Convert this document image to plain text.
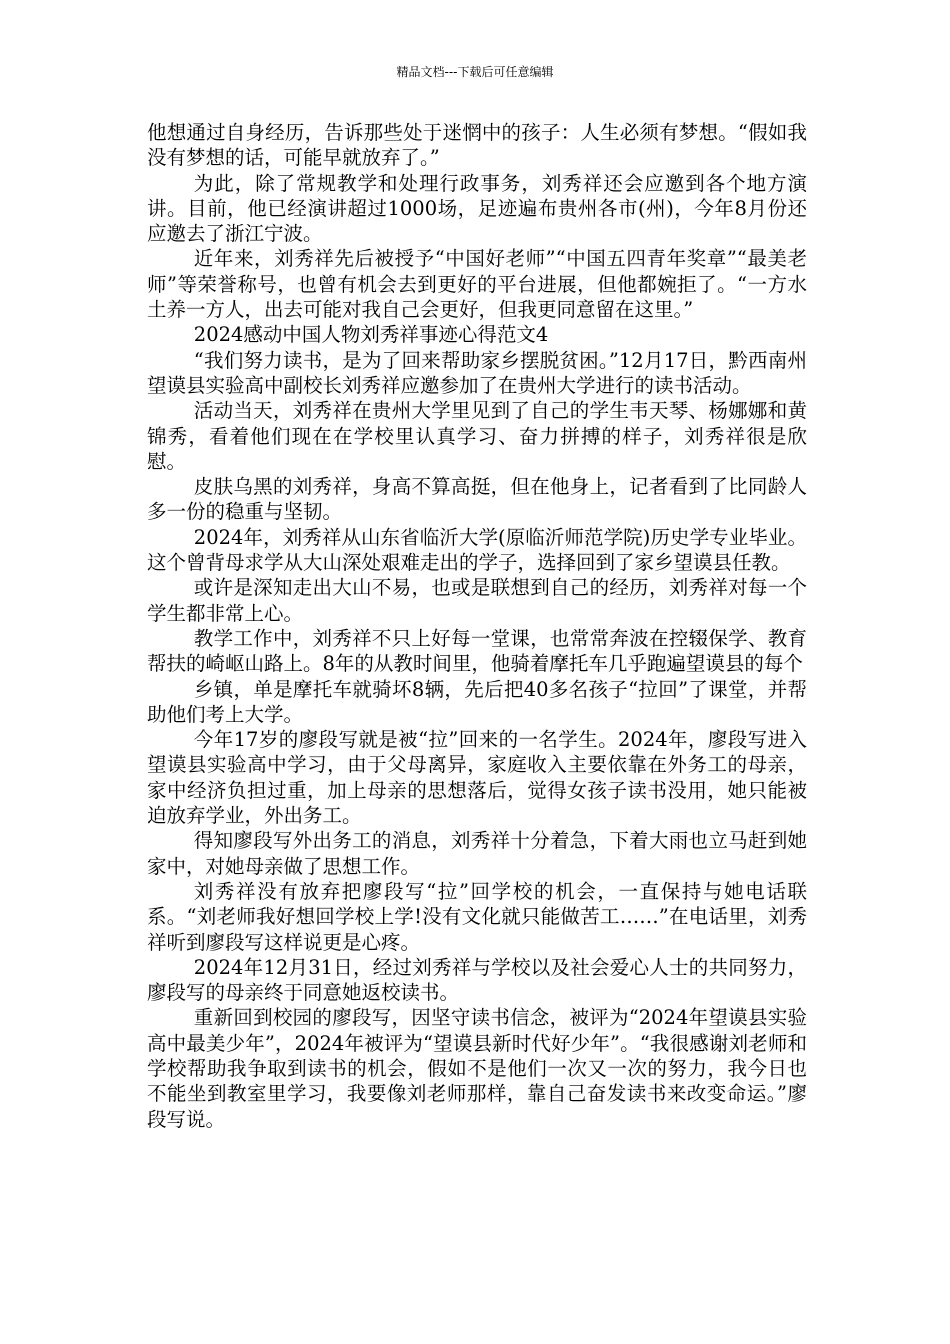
精品文档---下载后可任意编辑

他想通过自身经历，告诉那些处于迷惘中的孩子：人生必须有梦想。“假如我没有梦想的话，可能早就放弃了。”

为此，除了常规教学和处理行政事务，刘秀祥还会应邀到各个地方演讲。目前，他已经演讲超过1000场，足迹遍布贵州各市(州)，今年8月份还应邀去了浙江宁波。

近年来，刘秀祥先后被授予“中国好老师”“中国五四青年奖章”“最美老师”等荣誉称号，也曾有机会去到更好的平台进展，但他都婉拒了。“一方水土养一方人，出去可能对我自己会更好，但我更同意留在这里。”

2024感动中国人物刘秀祥事迹心得范文4

“我们努力读书，是为了回来帮助家乡摆脱贫困。”12月17日，黔西南州望谟县实验高中副校长刘秀祥应邀参加了在贵州大学进行的读书活动。

活动当天，刘秀祥在贵州大学里见到了自己的学生韦天琴、杨娜娜和黄锦秀，看着他们现在在学校里认真学习、奋力拼搏的样子，刘秀祥很是欣慰。

皮肤乌黑的刘秀祥，身高不算高挺，但在他身上，记者看到了比同龄人多一份的稳重与坚韧。

2024年，刘秀祥从山东省临沂大学(原临沂师范学院)历史学专业毕业。这个曾背母求学从大山深处艰难走出的学子，选择回到了家乡望谟县任教。

或许是深知走出大山不易，也或是联想到自己的经历，刘秀祥对每一个学生都非常上心。

教学工作中，刘秀祥不只上好每一堂课，也常常奔波在控辍保学、教育帮扶的崎岖山路上。8年的从教时间里，他骑着摩托车几乎跑遍望谟县的每个

乡镇，单是摩托车就骑坏8辆，先后把40多名孩子“拉回”了课堂，并帮助他们考上大学。

今年17岁的廖段写就是被“拉”回来的一名学生。2024年，廖段写进入望谟县实验高中学习，由于父母离异，家庭收入主要依靠在外务工的母亲，家中经济负担过重，加上母亲的思想落后，觉得女孩子读书没用，她只能被迫放弃学业，外出务工。

得知廖段写外出务工的消息，刘秀祥十分着急，下着大雨也立马赶到她家中，对她母亲做了思想工作。

刘秀祥没有放弃把廖段写“拉”回学校的机会，一直保持与她电话联系。“刘老师我好想回学校上学!没有文化就只能做苦工……”在电话里，刘秀祥听到廖段写这样说更是心疼。

2024年12月31日，经过刘秀祥与学校以及社会爱心人士的共同努力，廖段写的母亲终于同意她返校读书。

重新回到校园的廖段写，因坚守读书信念，被评为“2024年望谟县实验高中最美少年”，2024年被评为“望谟县新时代好少年”。“我很感谢刘老师和学校帮助我争取到读书的机会，假如不是他们一次又一次的努力，我今日也不能坐到教室里学习，我要像刘老师那样，靠自己奋发读书来改变命运。”廖段写说。
